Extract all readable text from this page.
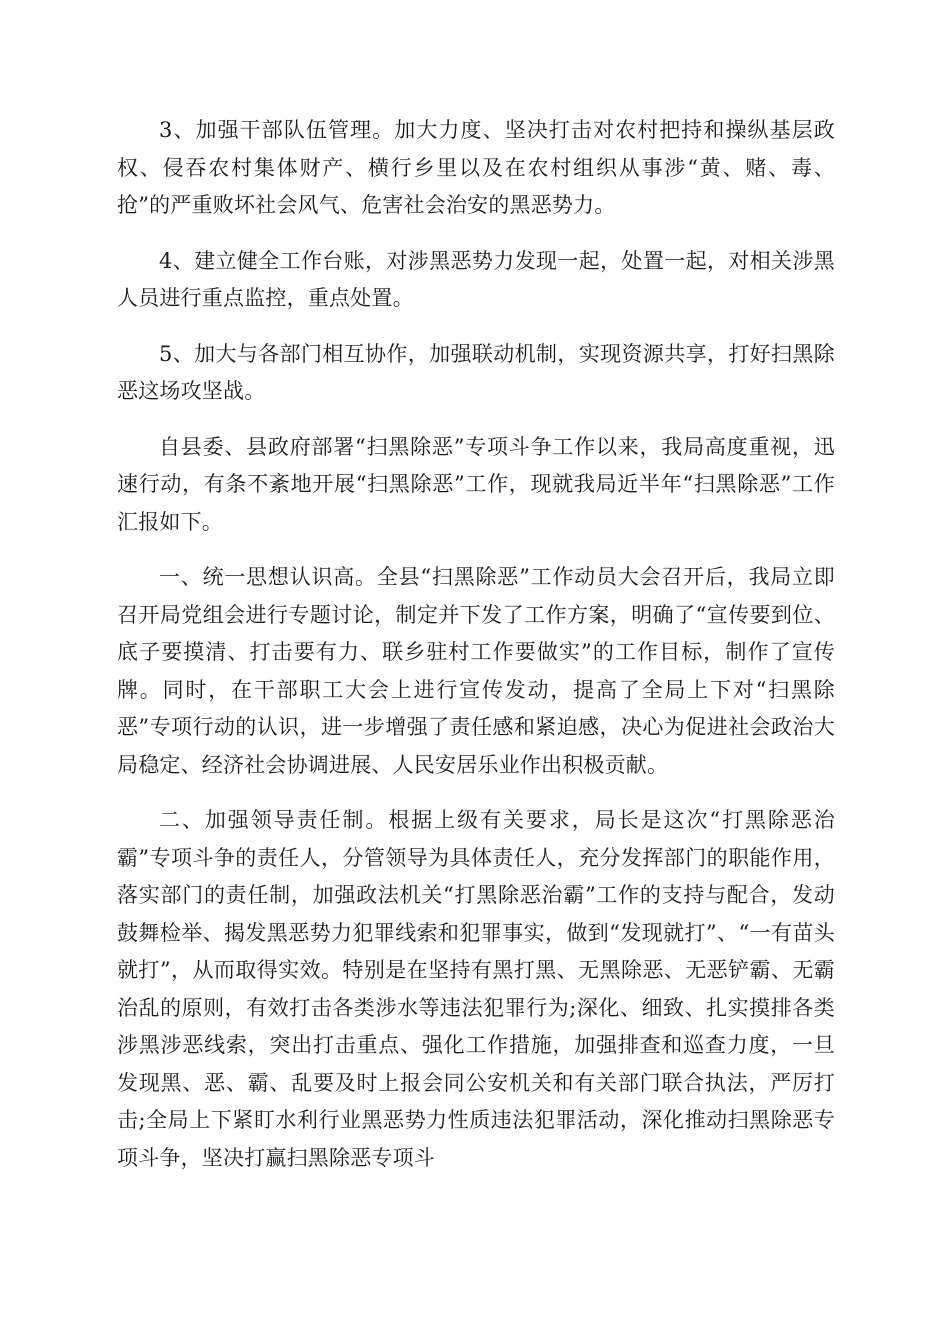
3、加强干部队伍管理。加大力度、坚决打击对农村把持和操纵基层政权、侵吞农村集体财产、横行乡里以及在农村组织从事涉“黄、赌、毒、抢”的严重败坏社会风气、危害社会治安的黑恶势力。

4、建立健全工作台账，对涉黑恶势力发现一起，处置一起，对相关涉黑人员进行重点监控，重点处置。

5、加大与各部门相互协作，加强联动机制，实现资源共享，打好扫黑除恶这场攻坚战。

自县委、县政府部署“扫黑除恶”专项斗争工作以来，我局高度重视，迅速行动，有条不紊地开展“扫黑除恶”工作，现就我局近半年“扫黑除恶”工作汇报如下。

一、统一思想认识高。全县“扫黑除恶”工作动员大会召开后，我局立即召开局党组会进行专题讨论，制定并下发了工作方案，明确了“宣传要到位、底子要摸清、打击要有力、联乡驻村工作要做实”的工作目标，制作了宣传牌。同时，在干部职工大会上进行宣传发动，提高了全局上下对“扫黑除恶”专项行动的认识，进一步增强了责任感和紧迫感，决心为促进社会政治大局稳定、经济社会协调进展、人民安居乐业作出积极贡献。

二、加强领导责任制。根据上级有关要求，局长是这次“打黑除恶治霸”专项斗争的责任人，分管领导为具体责任人，充分发挥部门的职能作用，落实部门的责任制，加强政法机关“打黑除恶治霸”工作的支持与配合，发动鼓舞检举、揭发黑恶势力犯罪线索和犯罪事实，做到“发现就打”、“一有苗头就打”，从而取得实效。特别是在坚持有黑打黑、无黑除恶、无恶铲霸、无霸治乱的原则，有效打击各类涉水等违法犯罪行为;深化、细致、扎实摸排各类涉黑涉恶线索，突出打击重点、强化工作措施，加强排查和巡查力度，一旦发现黑、恶、霸、乱要及时上报会同公安机关和有关部门联合执法，严厉打击;全局上下紧盯水利行业黑恶势力性质违法犯罪活动，深化推动扫黑除恶专项斗争，坚决打赢扫黑除恶专项斗
